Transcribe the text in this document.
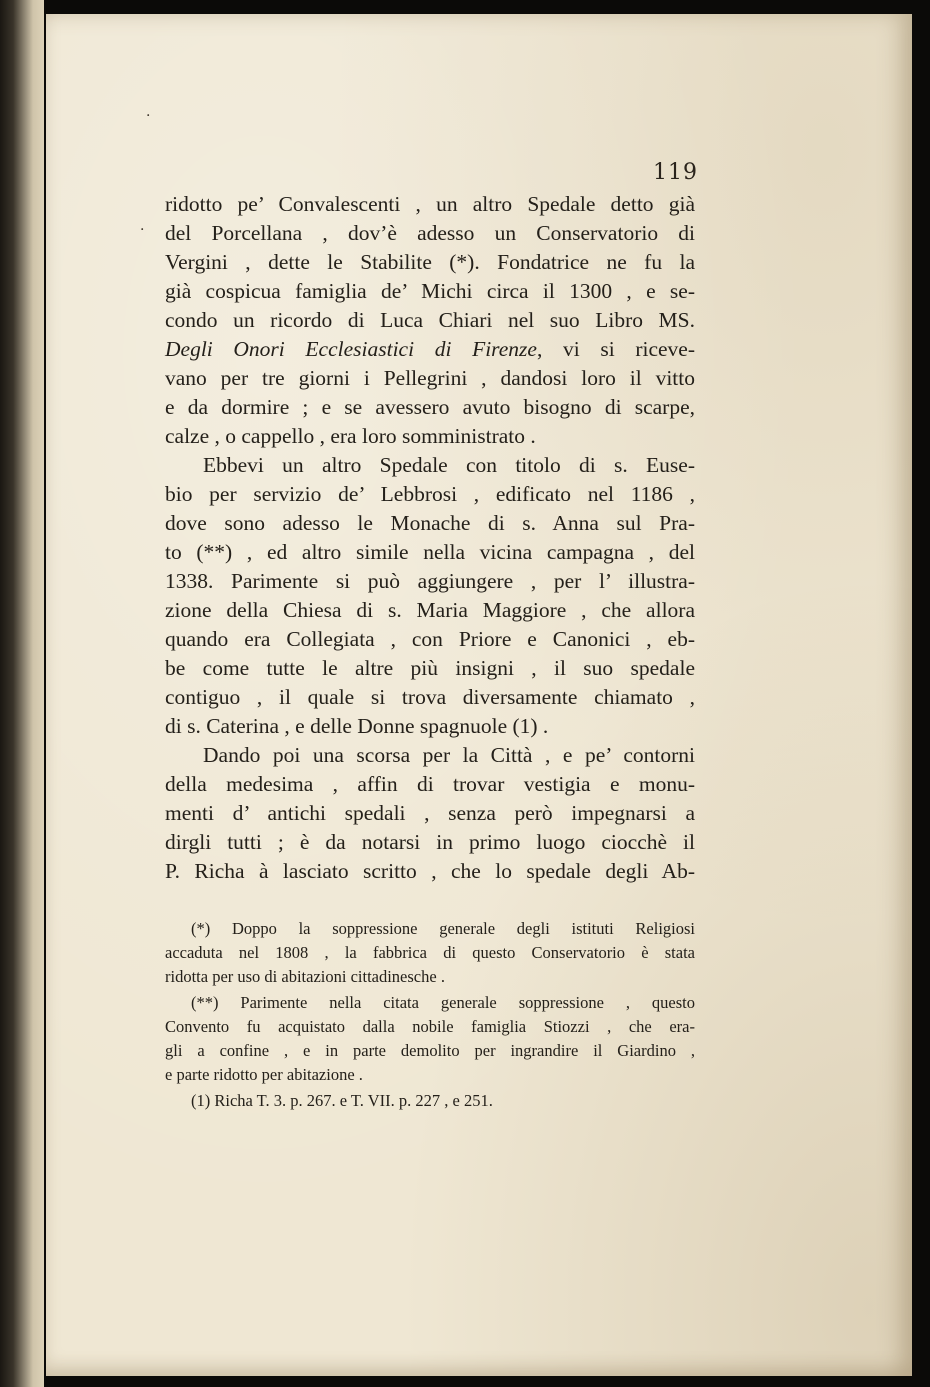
119
ridotto pe’ Convalescenti , un altro Spedale detto già
del Porcellana , dov’è adesso un Conservatorio di
Vergini , dette le Stabilite (*). Fondatrice ne fu la
già cospicua famiglia de’ Michi circa il 1300 , e se-
condo un ricordo di Luca Chiari nel suo Libro MS.
Degli Onori Ecclesiastici di Firenze, vi si riceve-
vano per tre giorni i Pellegrini , dandosi loro il vitto
e da dormire ; e se avessero avuto bisogno di scarpe,
calze , o cappello , era loro somministrato .
Ebbevi un altro Spedale con titolo di s. Euse-
bio per servizio de’ Lebbrosi , edificato nel 1186 ,
dove sono adesso le Monache di s. Anna sul Pra-
to (**) , ed altro simile nella vicina campagna , del
1338. Parimente si può aggiungere , per l’ illustra-
zione della Chiesa di s. Maria Maggiore , che allora
quando era Collegiata , con Priore e Canonici , eb-
be come tutte le altre più insigni , il suo spedale
contiguo , il quale si trova diversamente chiamato ,
di s. Caterina , e delle Donne spagnuole (1) .
Dando poi una scorsa per la Città , e pe’ contorni
della medesima , affin di trovar vestigia e monu-
menti d’ antichi spedali , senza però impegnarsi a
dirgli tutti ; è da notarsi in primo luogo ciocchè il
P. Richa à lasciato scritto , che lo spedale degli Ab-
(*) Doppo la soppressione generale degli istituti Religiosi
accaduta nel 1808 , la fabbrica di questo Conservatorio è stata
ridotta per uso di abitazioni cittadinesche .
(**) Parimente nella citata generale soppressione , questo
Convento fu acquistato dalla nobile famiglia Stiozzi , che era-
gli a confine , e in parte demolito per ingrandire il Giardino ,
e parte ridotto per abitazione .
(1) Richa T. 3. p. 267. e T. VII. p. 227 , e 251.
·
·
